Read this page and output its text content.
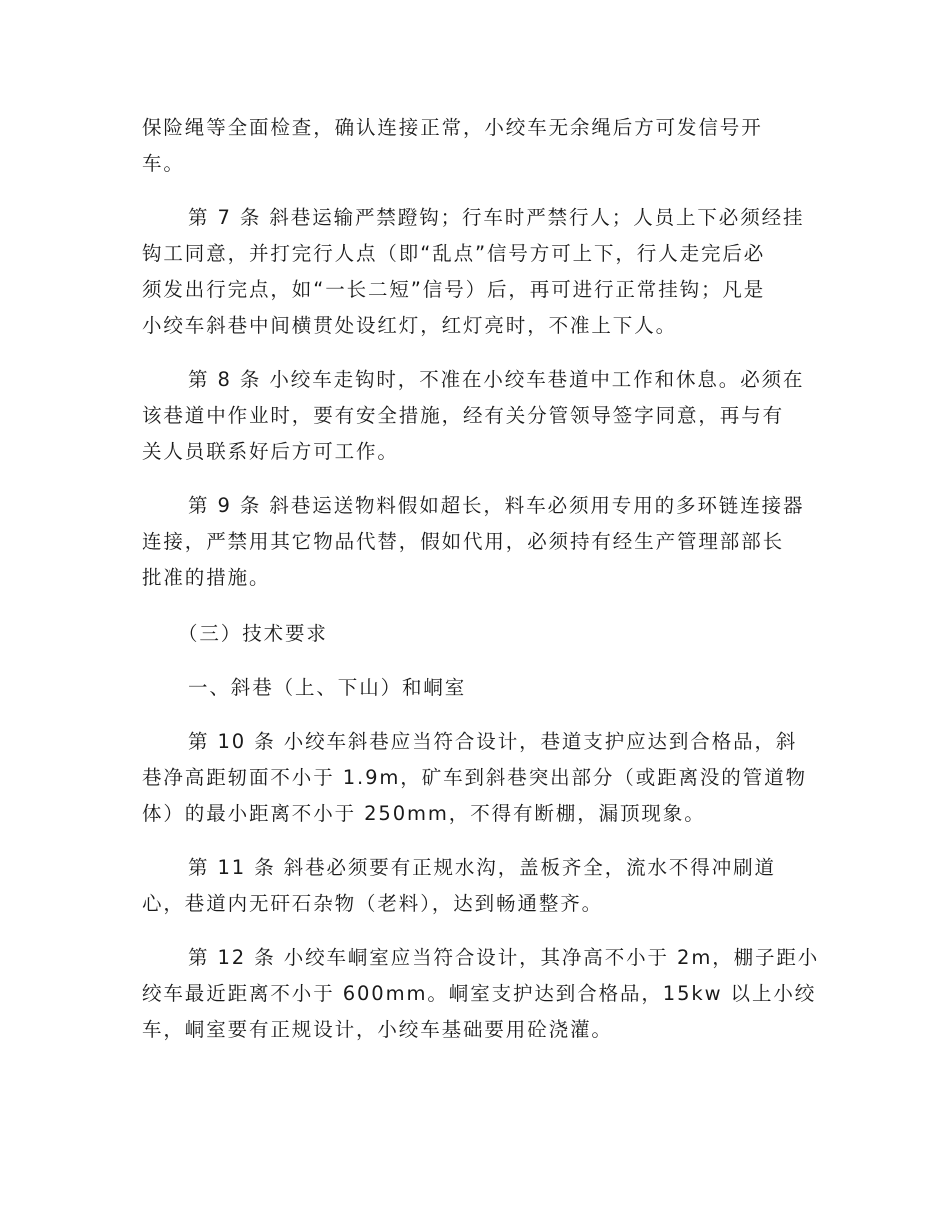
保险绳等全面检查，确认连接正常，小绞车无余绳后方可发信号开
车。
第 7 条 斜巷运输严禁蹬钩；行车时严禁行人；人员上下必须经挂
钩工同意，并打完行人点（即“乱点”信号方可上下，行人走完后必
须发出行完点，如“一长二短”信号）后，再可进行正常挂钩；凡是
小绞车斜巷中间横贯处设红灯，红灯亮时，不准上下人。
第 8 条 小绞车走钩时，不准在小绞车巷道中工作和休息。必须在
该巷道中作业时，要有安全措施，经有关分管领导签字同意，再与有
关人员联系好后方可工作。
第 9 条 斜巷运送物料假如超长，料车必须用专用的多环链连接器
连接，严禁用其它物品代替，假如代用，必须持有经生产管理部部长
批准的措施。
（三）技术要求
一、斜巷（上、下山）和峒室
第 10 条 小绞车斜巷应当符合设计，巷道支护应达到合格品，斜
巷净高距轫面不小于 1.9m，矿车到斜巷突出部分（或距离没的管道物
体）的最小距离不小于 250mm，不得有断棚，漏顶现象。
第 11 条 斜巷必须要有正规水沟，盖板齐全，流水不得冲刷道
心，巷道内无矸石杂物（老料），达到畅通整齐。
第 12 条 小绞车峒室应当符合设计，其净高不小于 2m，棚子距小
绞车最近距离不小于 600mm。峒室支护达到合格品，15kw 以上小绞
车，峒室要有正规设计，小绞车基础要用砼浇灌。
